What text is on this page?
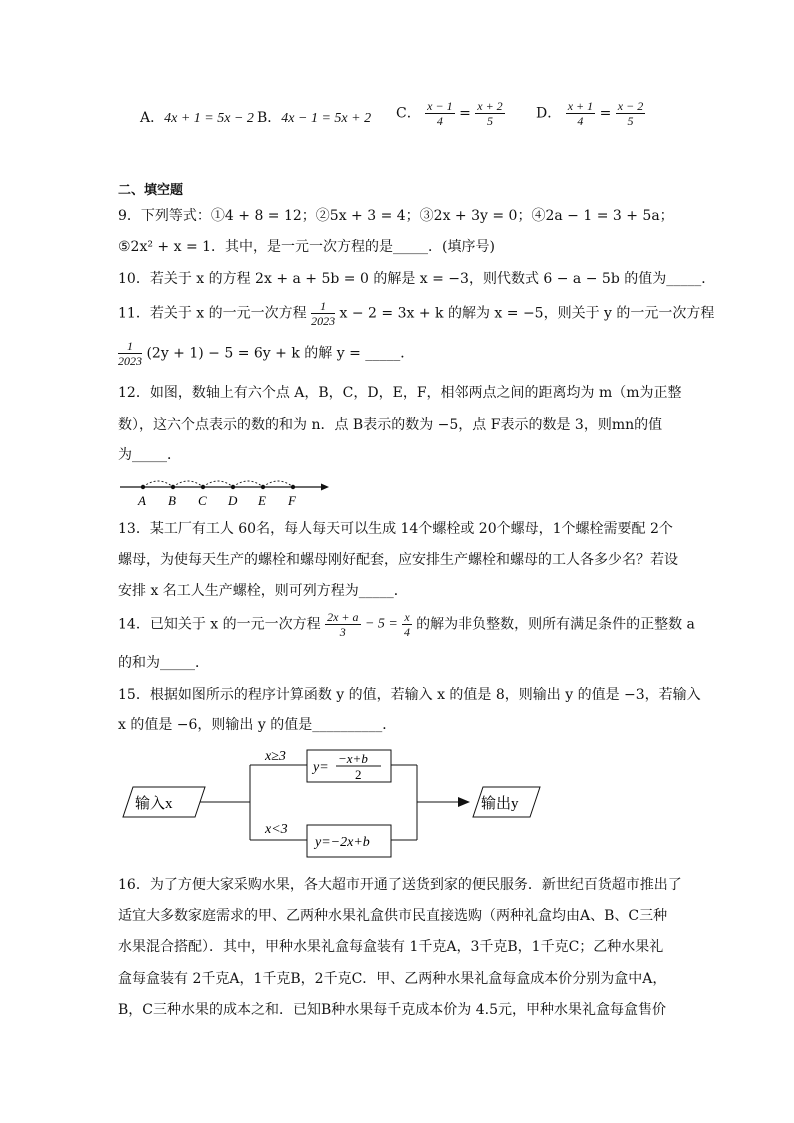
A．4x + 1 = 5x − 2 B．4x − 1 = 5x + 2 C． $\frac{x - 1}{4} = \frac{x + 2}{5}$ D． $\frac{x + 1}{4} = \frac{x - 2}{5}$
二、填空题
9．下列等式：①4 + 8 = 12；②5x + 3 = 4；③2x + 3y = 0；④2a − 1 = 3 + 5a；
⑤2x² + x = 1．其中，是一元一次方程的是_____．(填序号)
10．若关于 x 的方程 2x + a + 5b = 0 的解是 x = −3，则代数式 6 − a − 5b 的值为_____．
11．若关于 x 的一元一次方程 $\frac{1}{2023}$ x − 2 = 3x + k 的解为 x = −5，则关于 y 的一元一次方程
$\frac{1}{2023} (2y + 1) - 5 = 6y + k$ 的解 y = _____．
12．如图，数轴上有六个点 A，B，C，D，E，F，相邻两点之间的距离均为 m（m为正整
数），这六个点表示的数的和为 n．点 B表示的数为 −5，点 F表示的数是 3，则mn的值
为_____．
A B C D E F
13．某工厂有工人 60名，每人每天可以生成 14个螺栓或 20个螺母，1个螺栓需要配 2个
螺母，为使每天生产的螺栓和螺母刚好配套，应安排生产螺栓和螺母的工人各多少名？若设
安排 x 名工人生产螺栓，则可列方程为_____．
14．已知关于 x 的一元一次方程 $\frac{2x + a}{3} - 5 = \frac{x}{4}$ 的解为非负整数，则所有满足条件的正整数 a
的和为_____．
15．根据如图所示的程序计算函数 y 的值，若输入 x 的值是 8，则输出 y 的值是 −3，若输入
x 的值是 −6，则输出 y 的值是__________．
输入x
x≥3
x<3
y=
−x+b
2
y=−2x+b
输出y
16．为了方便大家采购水果，各大超市开通了送货到家的便民服务．新世纪百货超市推出了
适宜大多数家庭需求的甲、乙两种水果礼盒供市民直接选购（两种礼盒均由A、B、C三种
水果混合搭配）．其中，甲种水果礼盒每盒装有 1千克A，3千克B，1千克C；乙种水果礼
盒每盒装有 2千克A，1千克B，2千克C．甲、乙两种水果礼盒每盒成本价分别为盒中A，
B，C三种水果的成本之和．已知B种水果每千克成本价为 4.5元，甲种水果礼盒每盒售价
